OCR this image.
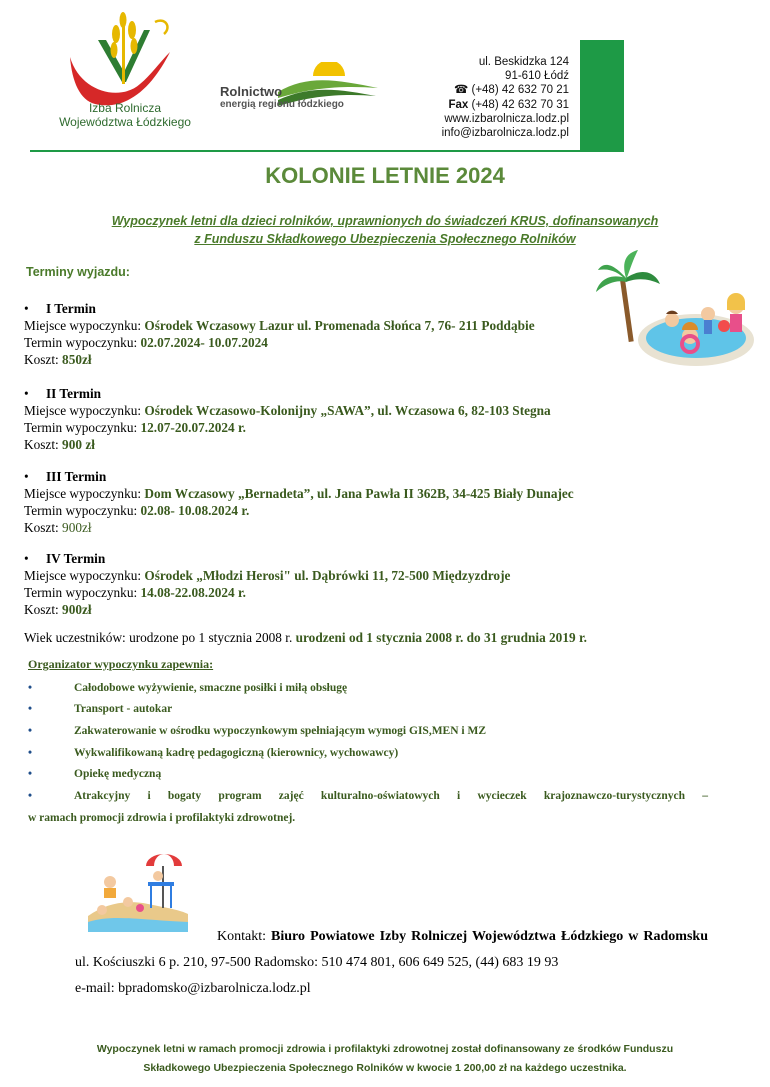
Izba Rolnicza
Województwa Łódzkiego
Rolnictwo
energią regionu łódzkiego
ul. Beskidzka 124
91-610 Łódź
☎ (+48) 42 632 70 21
Fax (+48) 42 632 70 31
www.izbarolnicza.lodz.pl
info@izbarolnicza.lodz.pl
KOLONIE LETNIE 2024
Wypoczynek letni dla dzieci rolników, uprawnionych do świadczeń KRUS, dofinansowanych
z Funduszu Składkowego Ubezpieczenia Społecznego Rolników
Terminy wyjazdu:
• I Termin
Miejsce wypoczynku: Ośrodek Wczasowy Lazur ul. Promenada Słońca 7, 76- 211 Poddąbie
Termin wypoczynku: 02.07.2024- 10.07.2024
Koszt: 850zł
• II Termin
Miejsce wypoczynku: Ośrodek Wczasowo-Kolonijny „SAWA”, ul. Wczasowa 6, 82-103 Stegna
Termin wypoczynku: 12.07-20.07.2024 r.
Koszt: 900 zł
• III Termin
Miejsce wypoczynku: Dom Wczasowy „Bernadeta”, ul. Jana Pawła II 362B, 34-425 Biały Dunajec
Termin wypoczynku: 02.08- 10.08.2024 r.
Koszt: 900zł
• IV Termin
Miejsce wypoczynku: Ośrodek „Młodzi Herosi" ul. Dąbrówki 11, 72-500 Międzyzdroje
Termin wypoczynku: 14.08-22.08.2024 r.
Koszt: 900zł
Wiek uczestników: urodzone po 1 stycznia 2008 r. urodzeni od 1 stycznia 2008 r. do 31 grudnia 2019 r.
Organizator wypoczynku zapewnia:
•	Całodobowe wyżywienie, smaczne posiłki i miłą obsługę
•	Transport - autokar
•	Zakwaterowanie w ośrodku wypoczynkowym spełniającym wymogi GIS,MEN i MZ
•	Wykwalifikowaną kadrę pedagogiczną (kierownicy, wychowawcy)
•	Opiekę medyczną
•	Atrakcyjny i bogaty program zajęć kulturalno-oświatowych i wycieczek krajoznawczo-turystycznych –
w ramach promocji zdrowia i profilaktyki zdrowotnej.
Kontakt: Biuro Powiatowe Izby Rolniczej Województwa Łódzkiego w Radomsku ul. Kościuszki 6 p. 210, 97-500 Radomsko: 510 474 801, 606 649 525, (44) 683 19 93
e-mail: bpradomsko@izbarolnicza.lodz.pl
Wypoczynek letni w ramach promocji zdrowia i profilaktyki zdrowotnej został dofinansowany ze środków Funduszu
Składkowego Ubezpieczenia Społecznego Rolników w kwocie 1 200,00 zł na każdego uczestnika.
